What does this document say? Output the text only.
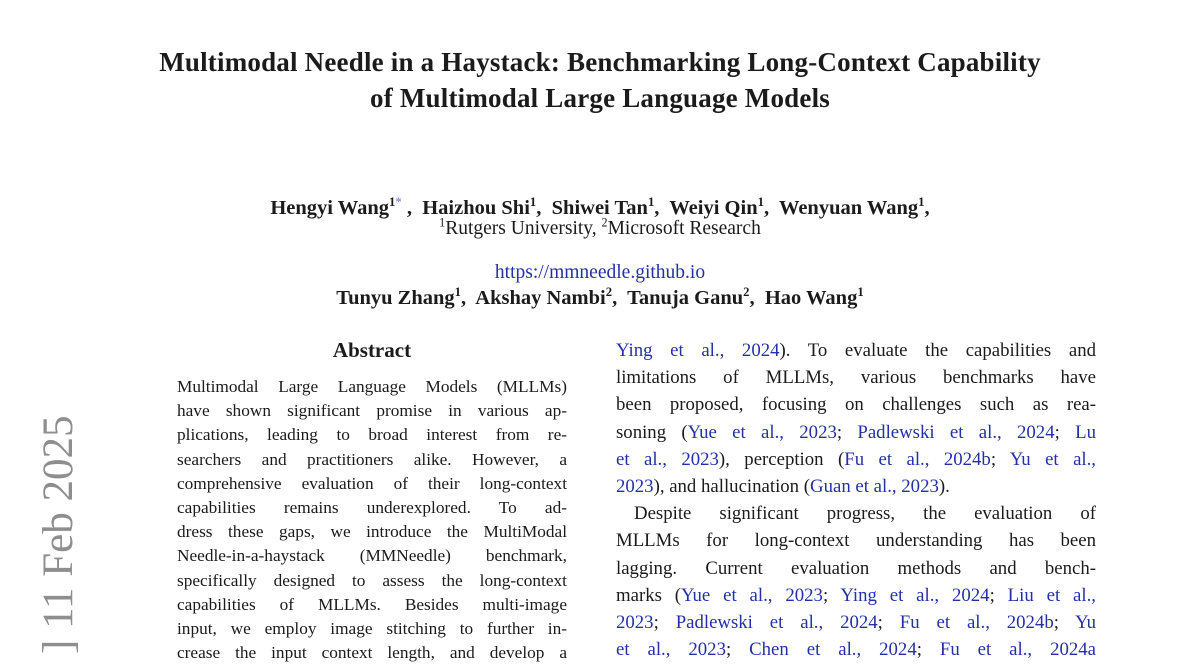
] 11 Feb 2025
Multimodal Needle in a Haystack: Benchmarking Long-Context Capability
of Multimodal Large Language Models

Hengyi Wang$^{1*}$ ,  Haizhou Shi$^1$,  Shiwei Tan$^1$,  Weiyi Qin$^1$,  Wenyuan Wang$^1$,

Tunyu Zhang$^1$,  Akshay Nambi$^2$,  Tanuja Ganu$^2$,  Hao Wang$^1$

$^1$Rutgers University, $^2$Microsoft Research
https://mmneedle.github.io
Abstract
Multimodal Large Language Models (MLLMs)
have shown significant promise in various ap-
plications, leading to broad interest from re-
searchers and practitioners alike. However, a
comprehensive evaluation of their long-context
capabilities remains underexplored. To ad-
dress these gaps, we introduce the MultiModal
Needle-in-a-haystack (MMNeedle) benchmark,
specifically designed to assess the long-context
capabilities of MLLMs. Besides multi-image
input, we employ image stitching to further in-
crease the input context length, and develop a
Ying et al., 2024). To evaluate the capabilities and
limitations of MLLMs, various benchmarks have
been proposed, focusing on challenges such as rea-
soning (Yue et al., 2023; Padlewski et al., 2024; Lu
et al., 2023), perception (Fu et al., 2024b; Yu et al.,
2023), and hallucination (Guan et al., 2023).
Despite significant progress, the evaluation of
MLLMs for long-context understanding has been
lagging. Current evaluation methods and bench-
marks (Yue et al., 2023; Ying et al., 2024; Liu et al.,
2023; Padlewski et al., 2024; Fu et al., 2024b; Yu
et al., 2023; Chen et al., 2024; Fu et al., 2024a
